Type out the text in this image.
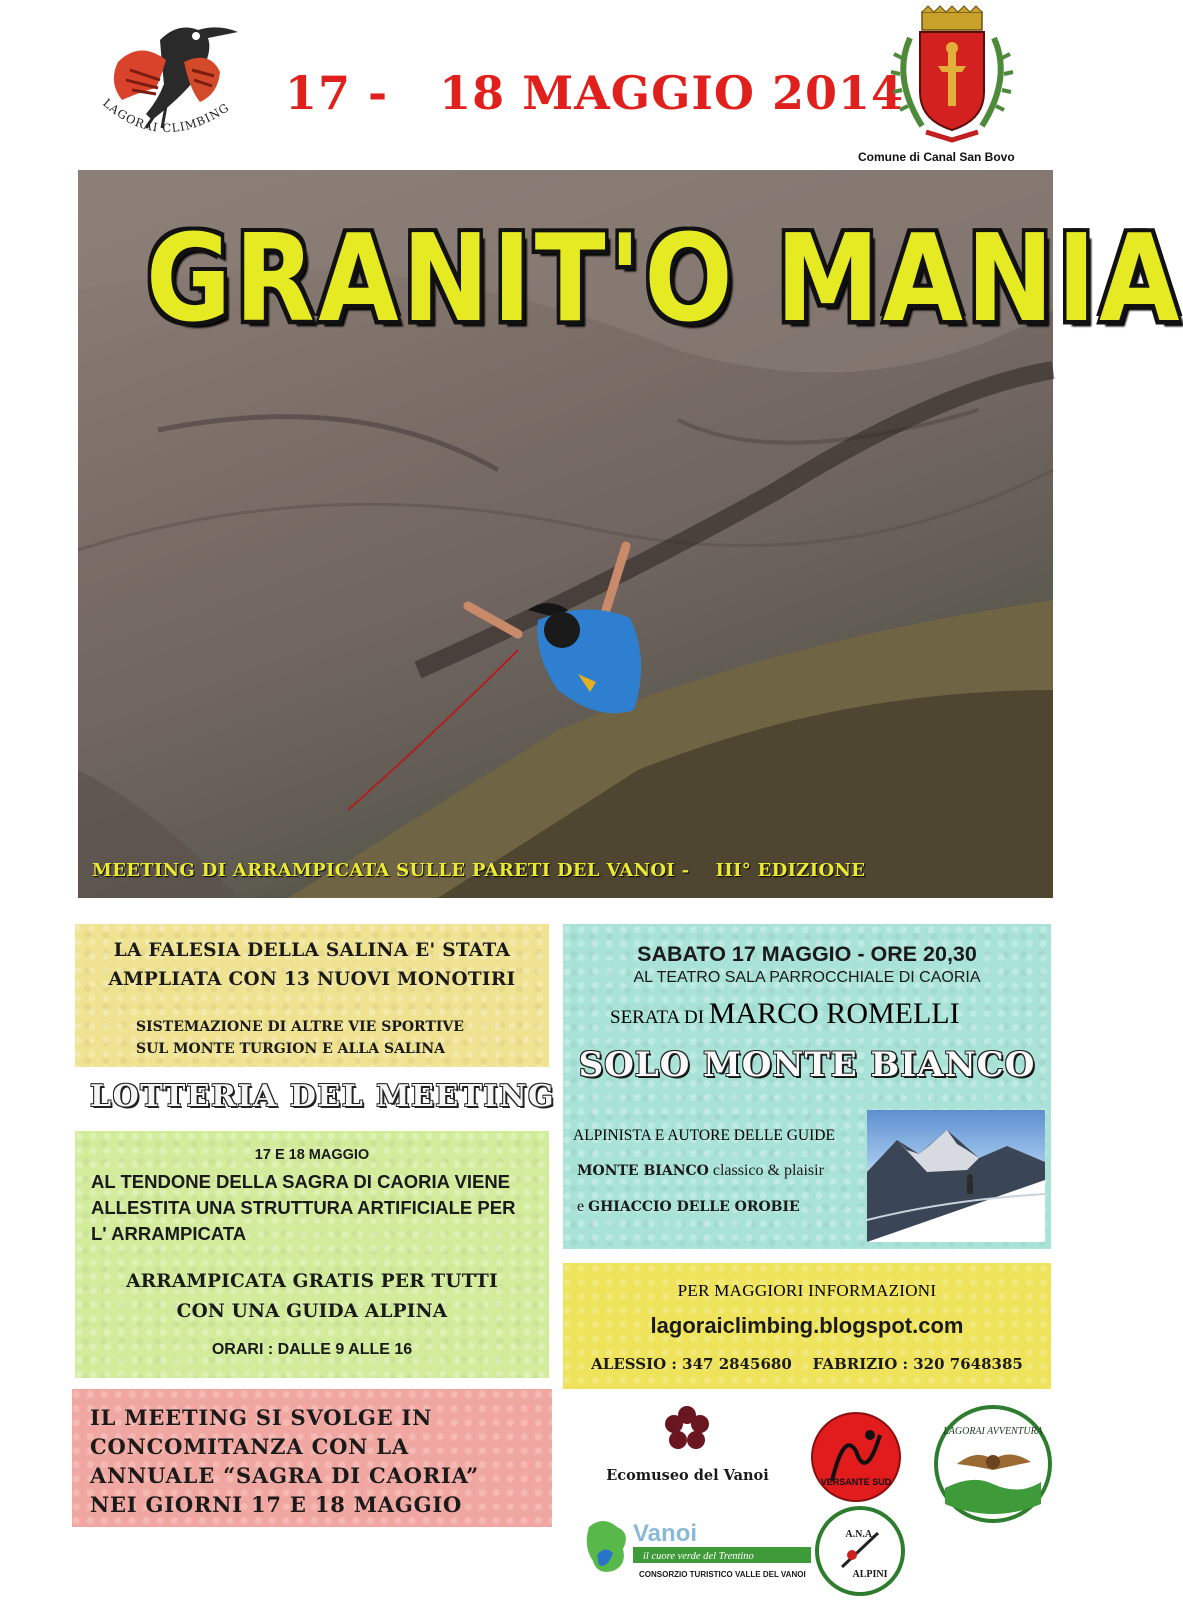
LAGORAI CLIMBING 17 -   18 MAGGIO 2014
Comune di Canal San Bovo
GRANIT'O MANIA
MEETING DI ARRAMPICATA SULLE PARETI DEL VANOI -    III° EDIZIONE
LA FALESIA DELLA SALINA E' STATA
AMPLIATA CON 13 NUOVI MONOTIRI
SISTEMAZIONE DI ALTRE VIE SPORTIVE
SUL MONTE TURGION E ALLA SALINA
LOTTERIA DEL MEETING
17 E 18 MAGGIO
AL TENDONE DELLA SAGRA DI CAORIA VIENE
ALLESTITA UNA STRUTTURA ARTIFICIALE PER
L' ARRAMPICATA
ARRAMPICATA GRATIS PER TUTTI
CON UNA GUIDA ALPINA
ORARI : DALLE 9 ALLE 16
IL MEETING SI SVOLGE IN
CONCOMITANZA CON LA
ANNUALE “SAGRA DI CAORIA”
NEI GIORNI 17 E 18 MAGGIO
SABATO 17 MAGGIO - ORE 20,30
AL TEATRO SALA PARROCCHIALE DI CAORIA
SERATA DI MARCO ROMELLI
SOLO MONTE BIANCO
ALPINISTA E AUTORE DELLE GUIDE
MONTE BIANCO classico & plaisir
e GHIACCIO DELLE OROBIE
PER MAGGIORI INFORMAZIONI
lagoraiclimbing.blogspot.com
ALESSIO : 347 2845680 FABRIZIO : 320 7648385
Ecomuseo del Vanoi	VERSANTE SUD
LAGORAI AVVENTURA
Vanoi
il cuore verde del Trentino
CONSORZIO TURISTICO VALLE DEL VANOI
A.N.A.
ALPINI
